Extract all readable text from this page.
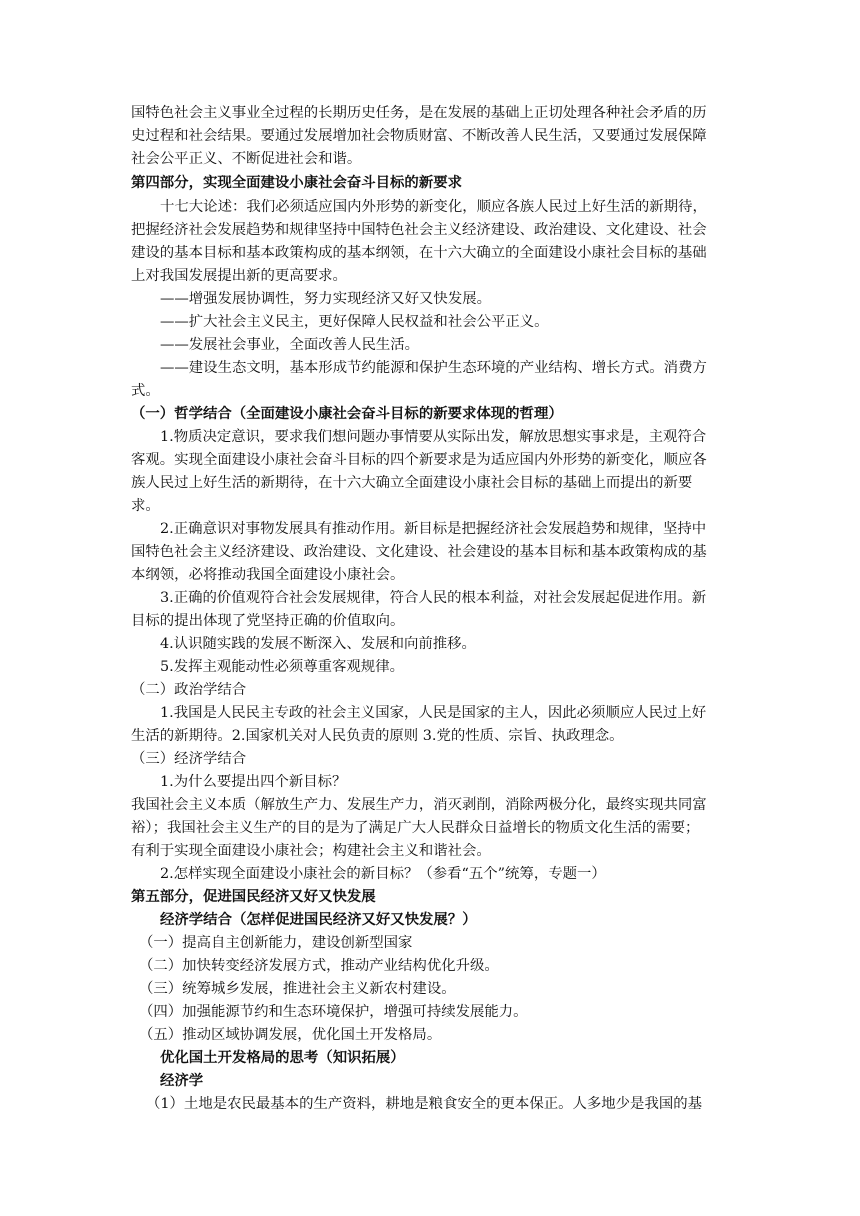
国特色社会主义事业全过程的长期历史任务，是在发展的基础上正切处理各种社会矛盾的历
史过程和社会结果。要通过发展增加社会物质财富、不断改善人民生活，又要通过发展保障
社会公平正义、不断促进社会和谐。
第四部分，实现全面建设小康社会奋斗目标的新要求
十七大论述：我们必须适应国内外形势的新变化，顺应各族人民过上好生活的新期待，
把握经济社会发展趋势和规律坚持中国特色社会主义经济建设、政治建设、文化建设、社会
建设的基本目标和基本政策构成的基本纲领，在十六大确立的全面建设小康社会目标的基础
上对我国发展提出新的更高要求。
——增强发展协调性，努力实现经济又好又快发展。
——扩大社会主义民主，更好保障人民权益和社会公平正义。
——发展社会事业，全面改善人民生活。
——建设生态文明，基本形成节约能源和保护生态环境的产业结构、增长方式。消费方
式。
（一）哲学结合（全面建设小康社会奋斗目标的新要求体现的哲理）
1.物质决定意识，要求我们想问题办事情要从实际出发，解放思想实事求是，主观符合
客观。实现全面建设小康社会奋斗目标的四个新要求是为适应国内外形势的新变化，顺应各
族人民过上好生活的新期待，在十六大确立全面建设小康社会目标的基础上而提出的新要
求。
2.正确意识对事物发展具有推动作用。新目标是把握经济社会发展趋势和规律，坚持中
国特色社会主义经济建设、政治建设、文化建设、社会建设的基本目标和基本政策构成的基
本纲领，必将推动我国全面建设小康社会。
3.正确的价值观符合社会发展规律，符合人民的根本利益，对社会发展起促进作用。新
目标的提出体现了党坚持正确的价值取向。
4.认识随实践的发展不断深入、发展和向前推移。
5.发挥主观能动性必须尊重客观规律。
（二）政治学结合
1.我国是人民民主专政的社会主义国家，人民是国家的主人，因此必须顺应人民过上好
生活的新期待。2.国家机关对人民负责的原则 3.党的性质、宗旨、执政理念。
（三）经济学结合
1.为什么要提出四个新目标？
我国社会主义本质（解放生产力、发展生产力，消灭剥削，消除两极分化，最终实现共同富
裕）；我国社会主义生产的目的是为了满足广大人民群众日益增长的物质文化生活的需要；
有利于实现全面建设小康社会；构建社会主义和谐社会。
2.怎样实现全面建设小康社会的新目标？（参看“五个”统筹，专题一）
第五部分，促进国民经济又好又快发展
经济学结合（怎样促进国民经济又好又快发展？）
（一）提高自主创新能力，建设创新型国家
（二）加快转变经济发展方式，推动产业结构优化升级。
（三）统筹城乡发展，推进社会主义新农村建设。
（四）加强能源节约和生态环境保护，增强可持续发展能力。
（五）推动区域协调发展，优化国土开发格局。
优化国土开发格局的思考（知识拓展）
经济学
（1）土地是农民最基本的生产资料，耕地是粮食安全的更本保正。人多地少是我国的基
